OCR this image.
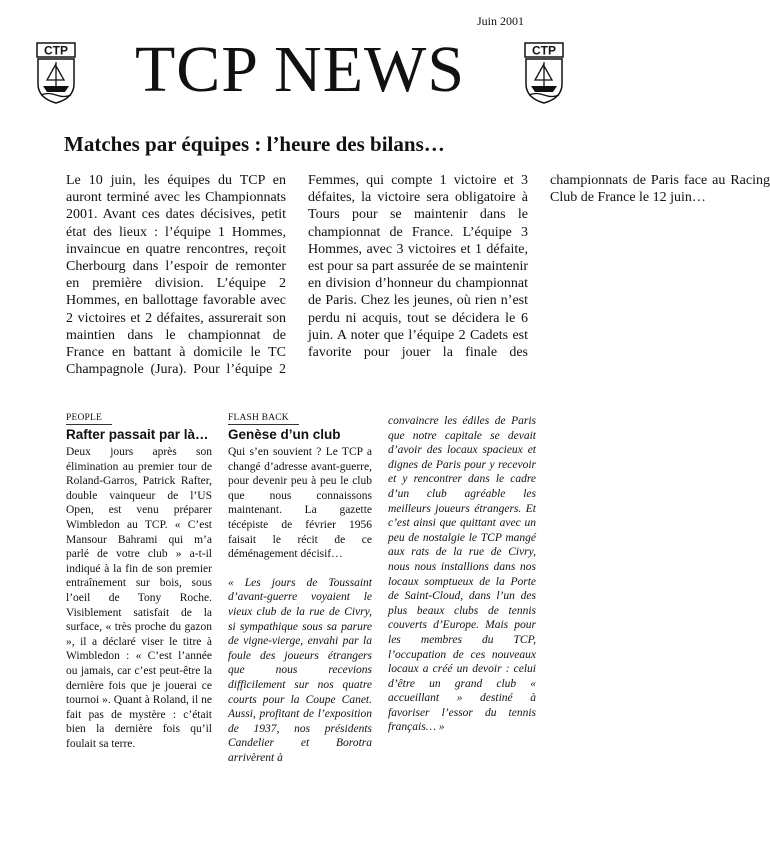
Juin 2001
CTP	TCP NEWS	CTP
Matches par équipes : l’heure des bilans…

Le 10 juin, les équipes du TCP en auront terminé avec les Championnats 2001. Avant ces dates décisives, petit état des lieux : l’équipe 1 Hommes, invaincue en quatre rencontres, reçoit Cherbourg dans l’espoir de remonter en première division. L’équipe 2 Hommes, en ballottage favorable avec 2 victoires et 2 défaites, assurerait son maintien dans le championnat de France en battant à domicile le TC Champagnole (Jura). Pour l’équipe 2 Femmes, qui compte 1 victoire et 3 défaites, la victoire sera obligatoire à Tours pour se maintenir dans le championnat de France. L’équipe 3 Hommes, avec 3 victoires et 1 défaite, est pour sa part assurée de se maintenir en division d’honneur du championnat de Paris. Chez les jeunes, où rien n’est perdu ni acquis, tout se décidera le 6 juin. A noter que l’équipe 2 Cadets est favorite pour jouer la finale des championnats de Paris face au Racing Club de France le 12 juin…

PEOPLE
Rafter passait par là…

Deux jours après son élimination au premier tour de Roland-Garros, Patrick Rafter, double vainqueur de l’US Open, est venu préparer Wimbledon au TCP. « C’est Mansour Bahrami qui m’a parlé de votre club » a-t-il indiqué à la fin de son premier entraînement sur bois, sous l’oeil de Tony Roche. Visiblement satisfait de la surface, « très proche du gazon », il a déclaré viser le titre à Wimbledon : « C’est l’année ou jamais, car c’est peut-être la dernière fois que je jouerai ce tournoi ». Quant à Roland, il ne fait pas de mystère : c’était bien la dernière fois qu’il foulait sa terre.

FLASH BACK
Genèse d’un club

Qui s’en souvient ? Le TCP a changé d’adresse avant-guerre, pour devenir peu à peu le club que nous connaissons maintenant. La gazette técépiste de février 1956 faisait le récit de ce déménagement décisif…

« Les jours de Toussaint d’avant-guerre voyaient le vieux club de la rue de Civry, si sympathique sous sa parure de vigne-vierge, envahi par la foule des joueurs étrangers que nous recevions difficilement sur nos quatre courts pour la Coupe Canet. Aussi, profitant de l’exposition de 1937, nos présidents Candelier et Borotra arrivèrent à

convaincre les édiles de Paris que notre capitale se devait d’avoir des locaux spacieux et dignes de Paris pour y recevoir et y rencontrer dans le cadre d’un club agréable les meilleurs joueurs étrangers. Et c’est ainsi que quittant avec un peu de nostalgie le TCP mangé aux rats de la rue de Civry, nous nous installions dans nos locaux somptueux de la Porte de Saint-Cloud, dans l’un des plus beaux clubs de tennis couverts d’Europe. Mais pour les membres du TCP, l’occupation de ces nouveaux locaux a créé un devoir : celui d’être un grand club « accueillant » destiné à favoriser l’essor du tennis français… »
